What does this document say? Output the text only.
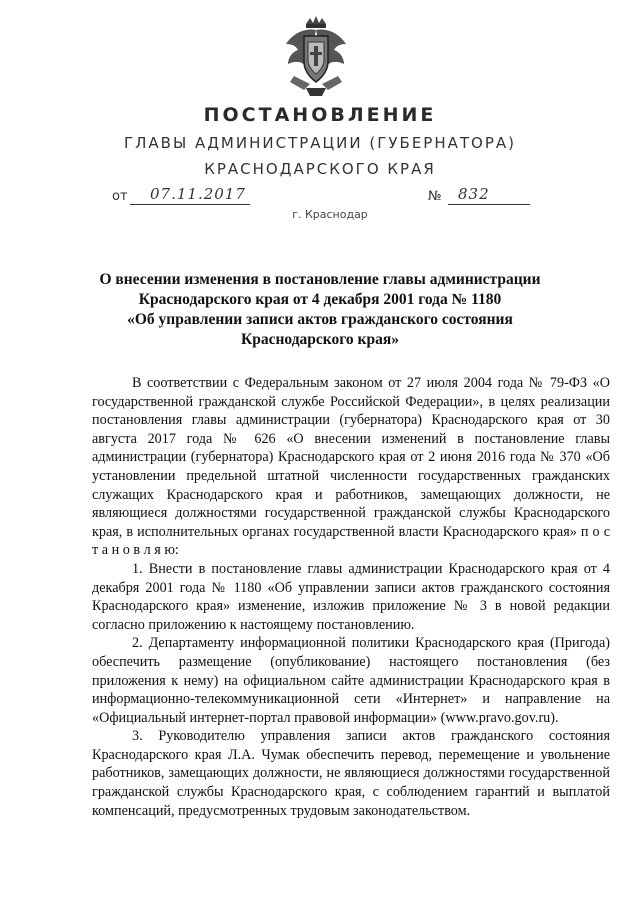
ПОСТАНОВЛЕНИЕ
ГЛАВЫ АДМИНИСТРАЦИИ (ГУБЕРНАТОРА)
КРАСНОДАРСКОГО КРАЯ
от 07.11.2017	№ 832
г. Краснодар
О внесении изменения в постановление главы администрации
Краснодарского края от 4 декабря 2001 года № 1180
«Об управлении записи актов гражданского состояния
Краснодарского края»

В соответствии с Федеральным законом от 27 июля 2004 года № 79-ФЗ «О государственной гражданской службе Российской Федерации», в целях реализации постановления главы администрации (губернатора) Краснодарского края от 30 августа 2017 года № 626 «О внесении изменений в постановление главы администрации (губернатора) Краснодарского края от 2 июня 2016 года № 370 «Об установлении предельной штатной численности государственных гражданских служащих Краснодарского края и работников, замещающих должности, не являющиеся должностями государственной гражданской службы Краснодарского края, в исполнительных органах государственной власти Краснодарского края» п о с т а н о в л я ю:

1. Внести в постановление главы администрации Краснодарского края от 4 декабря 2001 года № 1180 «Об управлении записи актов гражданского состояния Краснодарского края» изменение, изложив приложение № 3 в новой редакции согласно приложению к настоящему постановлению.

2. Департаменту информационной политики Краснодарского края (Пригода) обеспечить размещение (опубликование) настоящего постановления (без приложения к нему) на официальном сайте администрации Краснодарского края в информационно-телекоммуникационной сети «Интернет» и направление на «Официальный интернет-портал правовой информации» (www.pravo.gov.ru).

3. Руководителю управления записи актов гражданского состояния Краснодарского края Л.А. Чумак обеспечить перевод, перемещение и увольнение работников, замещающих должности, не являющиеся должностями государственной гражданской службы Краснодарского края, с соблюдением гарантий и выплатой компенсаций, предусмотренных трудовым законодательством.
